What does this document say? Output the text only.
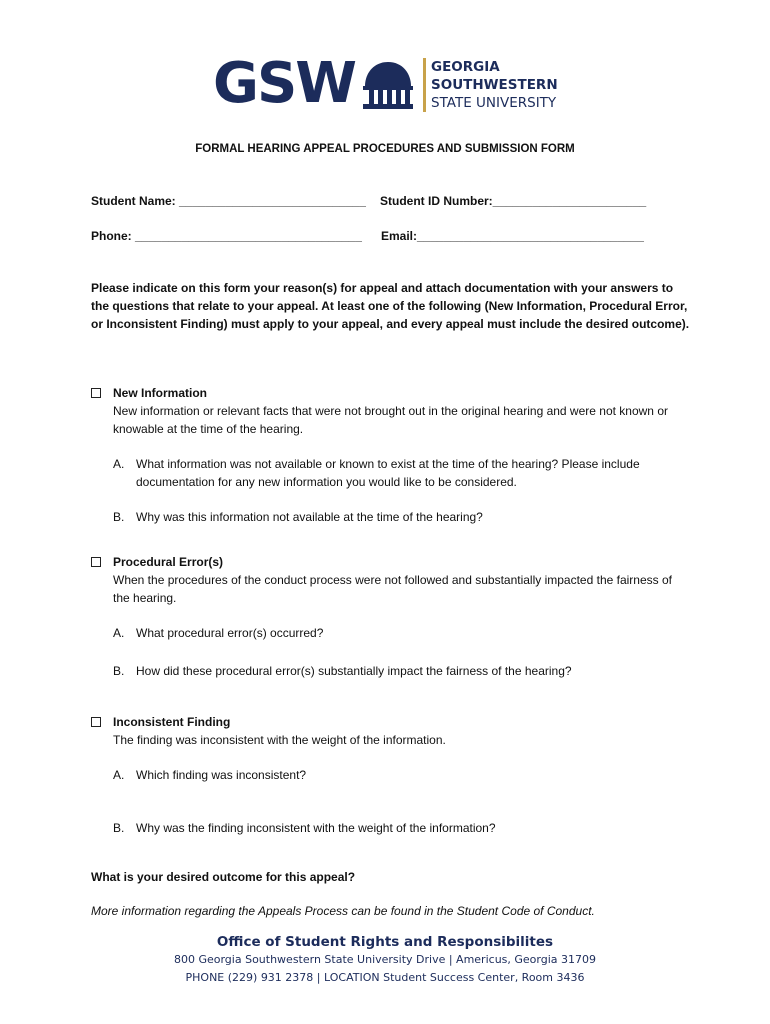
GSW	GEORGIA
SOUTHWESTERN
STATE UNIVERSITY
FORMAL HEARING APPEAL PROCEDURES AND SUBMISSION FORM
Student Name: ____________________________ Student ID Number:_______________________
Phone: __________________________________ Email:__________________________________
Please indicate on this form your reason(s) for appeal and attach documentation with your answers to the questions that relate to your appeal. At least one of the following (New Information, Procedural Error, or Inconsistent Finding) must apply to your appeal, and every appeal must include the desired outcome).
New Information
New information or relevant facts that were not brought out in the original hearing and were not known or knowable at the time of the hearing.
A. What information was not available or known to exist at the time of the hearing? Please include documentation for any new information you would like to be considered.
B. Why was this information not available at the time of the hearing?
Procedural Error(s)
When the procedures of the conduct process were not followed and substantially impacted the fairness of the hearing.
A. What procedural error(s) occurred?
B. How did these procedural error(s) substantially impact the fairness of the hearing?
Inconsistent Finding
The finding was inconsistent with the weight of the information.
A. Which finding was inconsistent?
B. Why was the finding inconsistent with the weight of the information?
What is your desired outcome for this appeal?
More information regarding the Appeals Process can be found in the Student Code of Conduct.
Office of Student Rights and Responsibilites
800 Georgia Southwestern State University Drive | Americus, Georgia 31709
PHONE (229) 931 2378 | LOCATION Student Success Center, Room 3436
